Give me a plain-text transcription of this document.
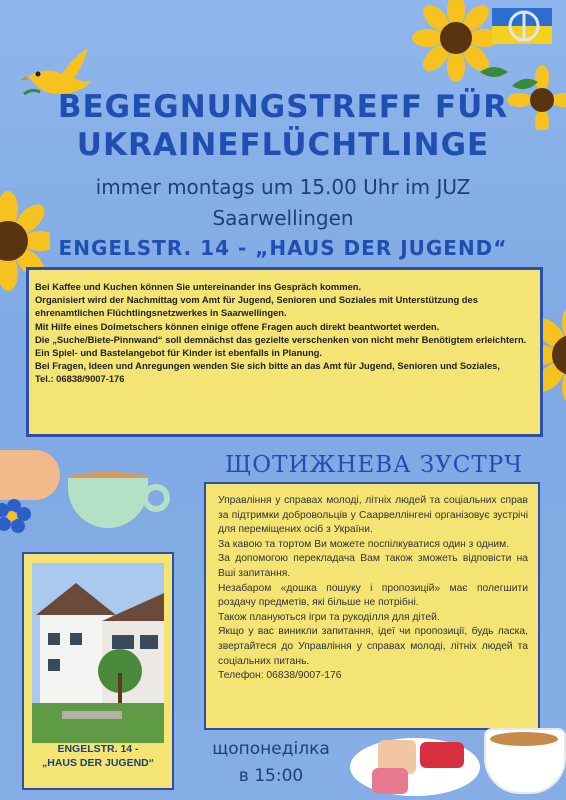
BEGEGNUNGSTREFF FÜR
UKRAINEFLÜCHTLINGE
immer montags um 15.00 Uhr im JUZ
Saarwellingen
ENGELSTR. 14 - „HAUS DER JUGEND“

Bei Kaffee und Kuchen können Sie untereinander ins Gespräch kommen.

Organisiert wird der Nachmittag vom Amt für Jugend, Senioren und Soziales mit Unterstützung des ehrenamtlichen Flüchtlingsnetzwerkes in Saarwellingen.

Mit Hilfe eines Dolmetschers können einige offene Fragen auch direkt beantwortet werden.

Die „Suche/Biete-Pinnwand“ soll demnächst das gezielte verschenken von nicht mehr Benötigtem erleichtern.

Ein Spiel- und Bastelangebot für Kinder ist ebenfalls in Planung.

Bei Fragen, Ideen und Anregungen wenden Sie sich bitte an das Amt für Jugend, Senioren und Soziales,

Tel.: 06838/9007-176

ЩОТИЖНЕВА ЗУСТРЧ

Управління у справах молоді, літніх людей та соціальних справ за підтримки добровольців у Саарвеллінгені організовує зустрічі для переміщених осіб з України.

За кавою та тортом Ви можете поспілкуватися один з одним.

За допомогою перекладача Вам також зможеть відповісти на Вші запитання.

Незабаром «дошка пошуку і пропозицій» має полегшити роздачу предметів, які більше не потрібні.

Також плануються ігри та рукоділля для дітей.

Якщо у вас виникли запитання, ідеї чи пропозиції, будь ласка, звертайтеся до Управління у справах молоді, літніх людей та соціальних питань.

Телефон: 06838/9007-176

ENGELSTR. 14 -
„HAUS DER JUGEND“
щопонеділка
в 15:00
